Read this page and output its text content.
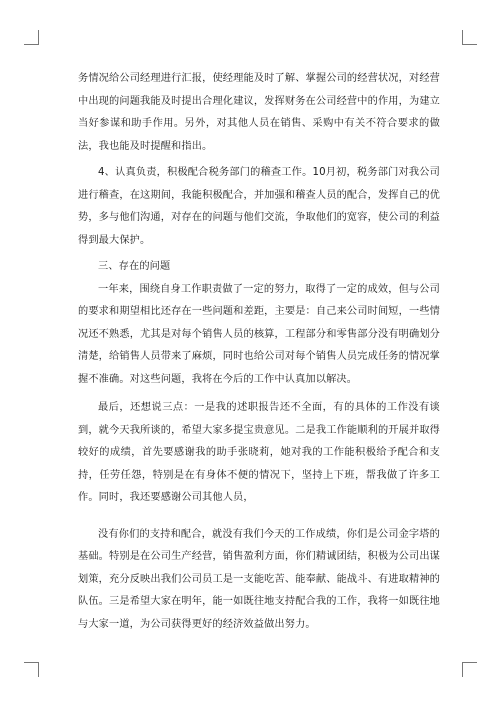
务情况给公司经理进行汇报，使经理能及时了解、掌握公司的经营状况，对经营中出现的问题我能及时提出合理化建议，发挥财务在公司经营中的作用，为建立当好参谋和助手作用。另外，对其他人员在销售、采购中有关不符合要求的做法，我也能及时提醒和指出。

4、认真负责，积极配合税务部门的稽查工作。10月初，税务部门对我公司进行稽查，在这期间，我能积极配合，并加强和稽查人员的配合，发挥自己的优势，多与他们沟通，对存在的问题与他们交流，争取他们的宽容，使公司的利益得到最大保护。

三、存在的问题

一年来，围绕自身工作职责做了一定的努力，取得了一定的成效，但与公司的要求和期望相比还存在一些问题和差距，主要是：自己来公司时间短，一些情况还不熟悉，尤其是对每个销售人员的核算，工程部分和零售部分没有明确划分清楚，给销售人员带来了麻烦，同时也给公司对每个销售人员完成任务的情况掌握不准确。对这些问题，我将在今后的工作中认真加以解决。

最后，还想说三点：一是我的述职报告还不全面，有的具体的工作没有谈到，就今天我所谈的，希望大家多提宝贵意见。二是我工作能顺利的开展并取得较好的成绩，首先要感谢我的助手张晓莉，她对我的工作能积极给予配合和支持，任劳任怨，特别是在有身体不便的情况下，坚持上下班，帮我做了许多工作。同时，我还要感谢公司其他人员，

没有你们的支持和配合，就没有我们今天的工作成绩，你们是公司金字塔的基础。特别是在公司生产经营，销售盈利方面，你们精诚团结，积极为公司出谋划策，充分反映出我们公司员工是一支能吃苦、能奉献、能战斗、有进取精神的队伍。三是希望大家在明年，能一如既往地支持配合我的工作，我将一如既往地与大家一道，为公司获得更好的经济效益做出努力。
